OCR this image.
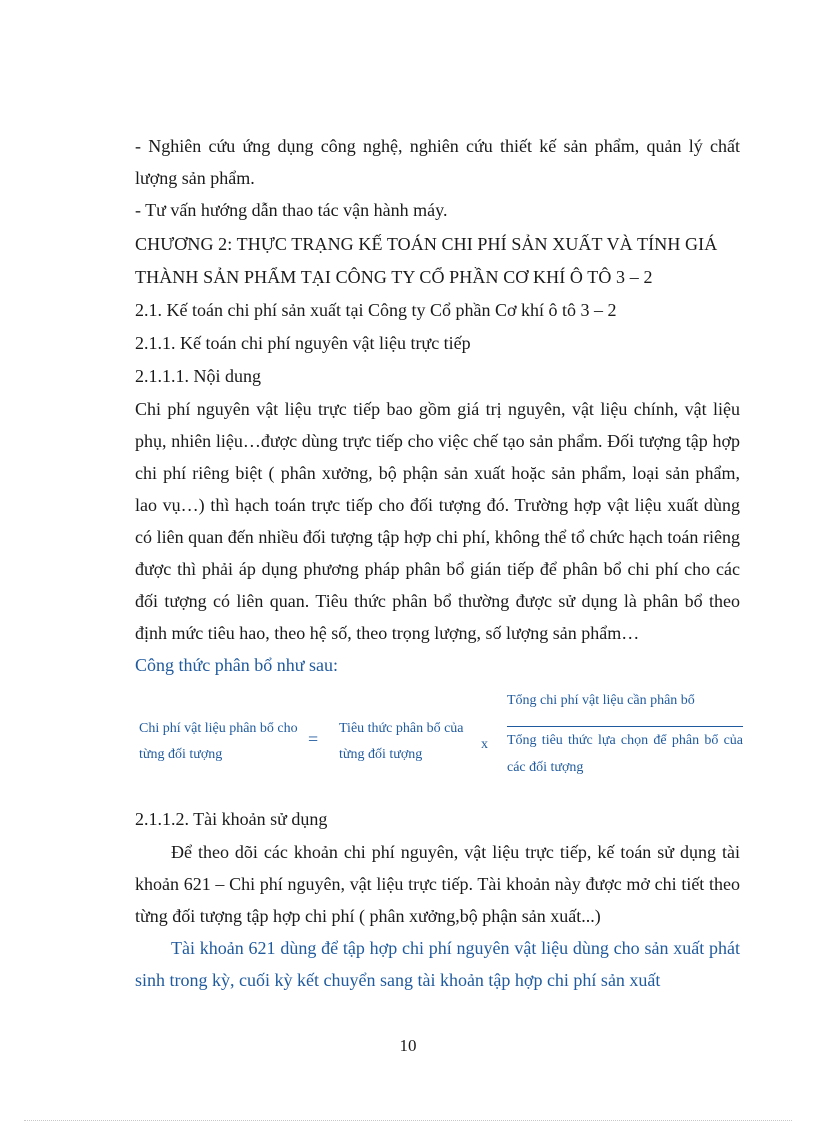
- Nghiên cứu ứng dụng công nghệ, nghiên cứu thiết kế sản phẩm, quản lý chất lượng sản phẩm.

- Tư vấn hướng dẫn thao tác vận hành máy.

CHƯƠNG 2: THỰC TRẠNG KẾ TOÁN CHI PHÍ SẢN XUẤT VÀ TÍNH GIÁ THÀNH SẢN PHẨM TẠI CÔNG TY CỔ PHẦN CƠ KHÍ Ô TÔ 3 – 2

2.1. Kế toán chi phí sản xuất tại Công ty Cổ phần Cơ khí ô tô 3 – 2

2.1.1. Kế toán chi phí nguyên vật liệu trực tiếp

2.1.1.1. Nội dung

Chi phí nguyên vật liệu trực tiếp bao gồm giá trị nguyên, vật liệu chính, vật liệu phụ, nhiên liệu…được dùng trực tiếp cho việc chế tạo sản phẩm. Đối tượng tập hợp chi phí riêng biệt ( phân xưởng, bộ phận sản xuất hoặc sản phẩm, loại sản phẩm, lao vụ…) thì hạch toán trực tiếp cho đối tượng đó. Trường hợp vật liệu xuất dùng có liên quan đến nhiều đối tượng tập hợp chi phí, không thể tổ chức hạch toán riêng được thì phải áp dụng phương pháp phân bổ gián tiếp để phân bổ chi phí cho các đối tượng có liên quan. Tiêu thức phân bổ thường được sử dụng là phân bổ theo định mức tiêu hao, theo hệ số, theo trọng lượng, số lượng sản phẩm…

Công thức phân bổ như sau:

Chi phí vật liệu phân bổ cho từng đối tượng
=
Tiêu thức phân bổ của từng đối tượng
x
Tổng chi phí vật liệu cần phân bổ
Tổng tiêu thức lựa chọn để phân bổ của các đối tượng

2.1.1.2. Tài khoản sử dụng

Để theo dõi các khoản chi phí nguyên, vật liệu trực tiếp, kế toán sử dụng tài khoản 621 – Chi phí nguyên, vật liệu trực tiếp. Tài khoản này được mở chi tiết theo từng đối tượng tập hợp chi phí ( phân xưởng,bộ phận sản xuất...)

Tài khoản 621 dùng để tập hợp chi phí nguyên vật liệu dùng cho sản xuất phát sinh trong kỳ, cuối kỳ kết chuyển sang tài khoản tập hợp chi phí sản xuất

10
